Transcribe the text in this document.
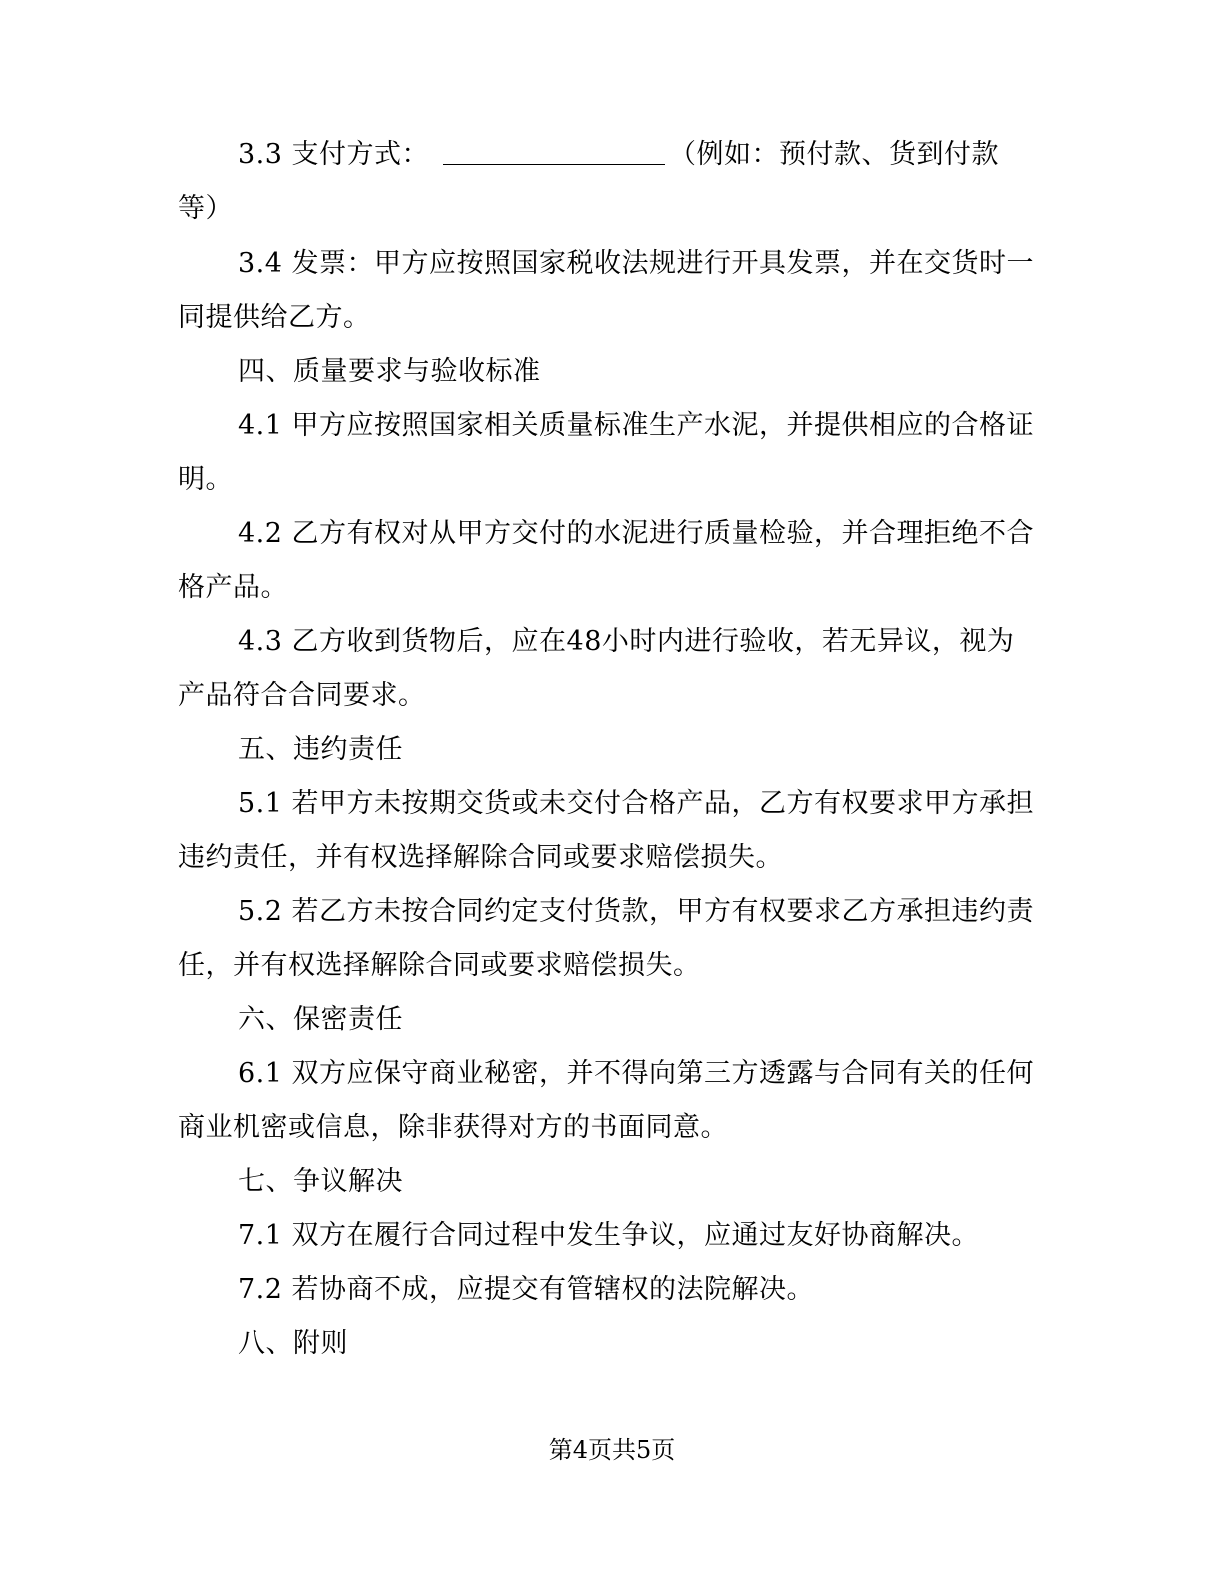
3.3 支付方式：	（例如：预付款、货到付款等）
3.4 发票：甲方应按照国家税收法规进行开具发票，并在交货时一同提供给乙方。
四、质量要求与验收标准
4.1 甲方应按照国家相关质量标准生产水泥，并提供相应的合格证明。
4.2 乙方有权对从甲方交付的水泥进行质量检验，并合理拒绝不合格产品。
4.3 乙方收到货物后，应在48小时内进行验收，若无异议，视为产品符合合同要求。
五、违约责任
5.1 若甲方未按期交货或未交付合格产品，乙方有权要求甲方承担违约责任，并有权选择解除合同或要求赔偿损失。
5.2 若乙方未按合同约定支付货款，甲方有权要求乙方承担违约责任，并有权选择解除合同或要求赔偿损失。
六、保密责任
6.1 双方应保守商业秘密，并不得向第三方透露与合同有关的任何商业机密或信息，除非获得对方的书面同意。
七、争议解决
7.1 双方在履行合同过程中发生争议，应通过友好协商解决。
7.2 若协商不成，应提交有管辖权的法院解决。
八、附则
第4页共5页
